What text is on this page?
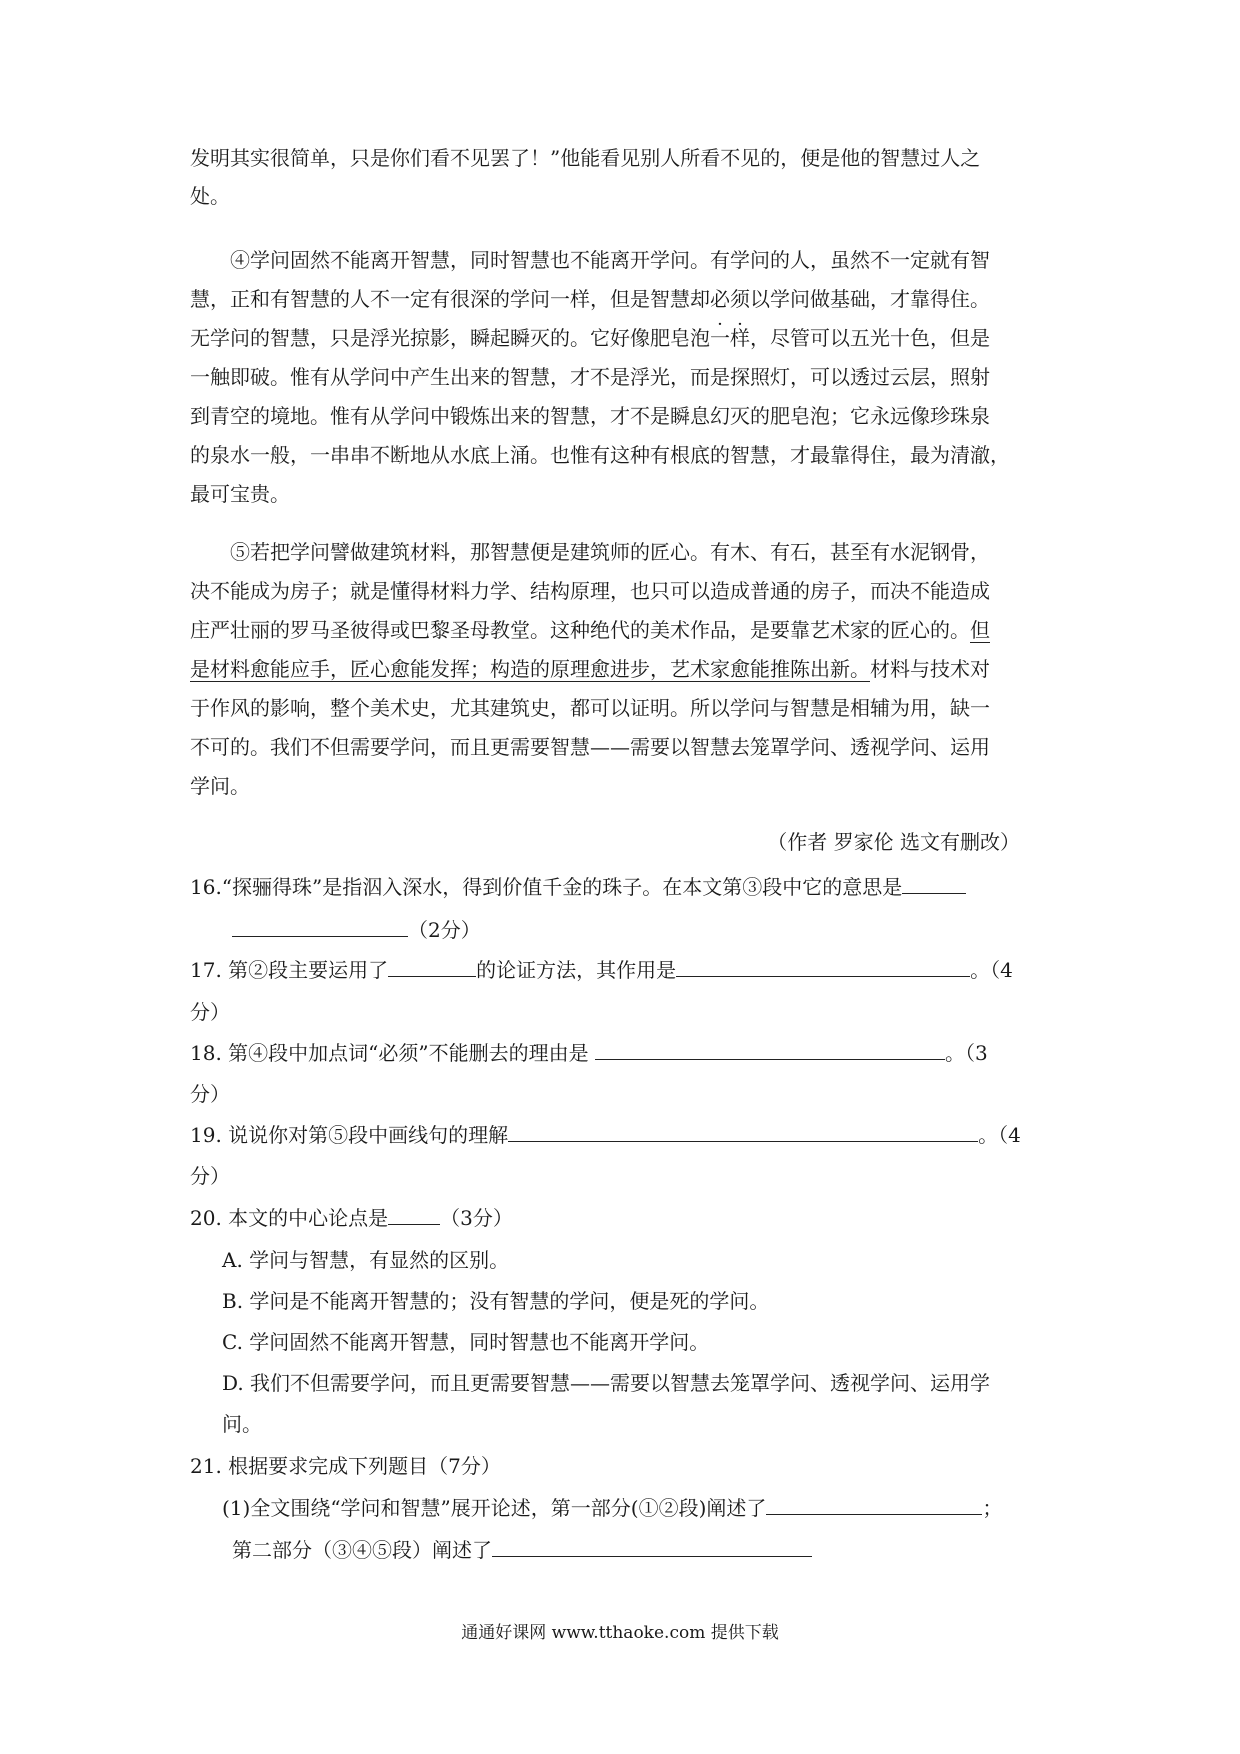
发明其实很简单，只是你们看不见罢了！”他能看见别人所看不见的，便是他的智慧过人之
处。
④学问固然不能离开智慧，同时智慧也不能离开学问。有学问的人，虽然不一定就有智
慧，正和有智慧的人不一定有很深的学问一样，但是智慧却必须以学问做基础，才靠得住。
无学问的智慧，只是浮光掠影，瞬起瞬灭的。它好像肥皂泡一样，尽管可以五光十色，但是
一触即破。惟有从学问中产生出来的智慧，才不是浮光，而是探照灯，可以透过云层，照射
到青空的境地。惟有从学问中锻炼出来的智慧，才不是瞬息幻灭的肥皂泡；它永远像珍珠泉
的泉水一般，一串串不断地从水底上涌。也惟有这种有根底的智慧，才最靠得住，最为清澈，
最可宝贵。
⑤若把学问譬做建筑材料，那智慧便是建筑师的匠心。有木、有石，甚至有水泥钢骨，
决不能成为房子；就是懂得材料力学、结构原理，也只可以造成普通的房子，而决不能造成
庄严壮丽的罗马圣彼得或巴黎圣母教堂。这种绝代的美术作品，是要靠艺术家的匠心的。但
是材料愈能应手，匠心愈能发挥；构造的原理愈进步，艺术家愈能推陈出新。材料与技术对
于作风的影响，整个美术史，尤其建筑史，都可以证明。所以学问与智慧是相辅为用，缺一
不可的。我们不但需要学问，而且更需要智慧——需要以智慧去笼罩学问、透视学问、运用
学问。
（作者 罗家伦 选文有删改）
16.“探骊得珠”是指泅入深水，得到价值千金的珠子。在本文第③段中它的意思是
（2分）
17. 第②段主要运用了	的论证方法，其作用是	。（4
分）
18. 第④段中加点词“必须”不能删去的理由是	。（3
分）
19. 说说你对第⑤段中画线句的理解	。（4
分）
20. 本文的中心论点是	（3分）
A. 学问与智慧，有显然的区别。
B. 学问是不能离开智慧的；没有智慧的学问，便是死的学问。
C. 学问固然不能离开智慧，同时智慧也不能离开学问。
D. 我们不但需要学问，而且更需要智慧——需要以智慧去笼罩学问、透视学问、运用学
问。
21. 根据要求完成下列题目（7分）
(1)全文围绕“学问和智慧”展开论述，第一部分(①②段)阐述了	；
第二部分（③④⑤段）阐述了
通通好课网 www.tthaoke.com 提供下载
